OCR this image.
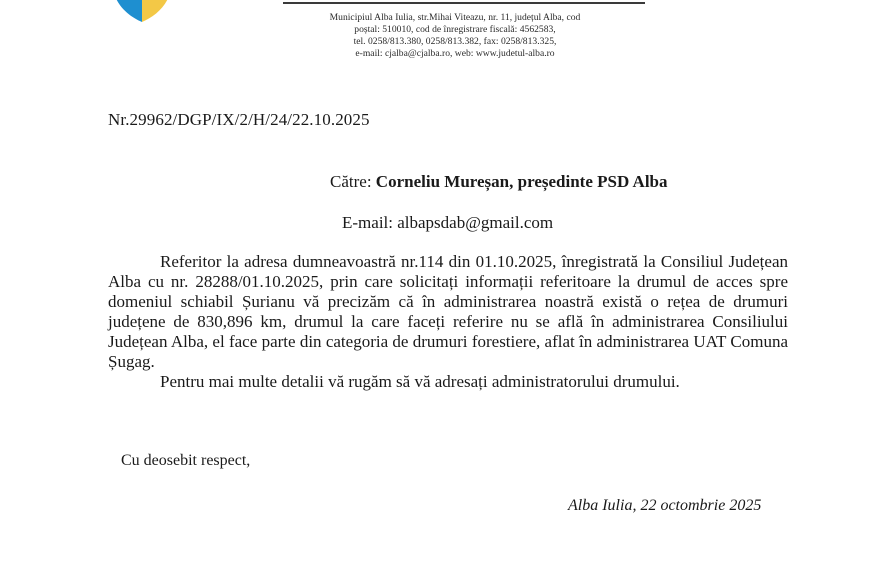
Municipiul Alba Iulia, str.Mihai Viteazu, nr. 11, județul Alba, cod
poștal: 510010, cod de înregistrare fiscală: 4562583,
tel. 0258/813.380, 0258/813.382, fax: 0258/813.325,
e-mail: cjalba@cjalba.ro, web: www.judetul-alba.ro
Nr.29962/DGP/IX/2/H/24/22.10.2025
Către: Corneliu Mureșan, președinte PSD Alba
E-mail: albapsdab@gmail.com

Referitor la adresa dumneavoastră nr.114 din 01.10.2025, înregistrată la Consiliul Județean Alba cu nr. 28288/01.10.2025, prin care solicitați informații referitoare la drumul de acces spre domeniul schiabil Șurianu vă precizăm că în administrarea noastră există o rețea de drumuri județene de 830,896 km, drumul la care faceți referire nu se află în administrarea Consiliului Județean Alba, el face parte din categoria de drumuri forestiere, aflat în administrarea UAT Comuna Șugag.

Pentru mai multe detalii vă rugăm să vă adresați administratorului drumului.

Cu deosebit respect,
Alba Iulia, 22 octombrie 2025
